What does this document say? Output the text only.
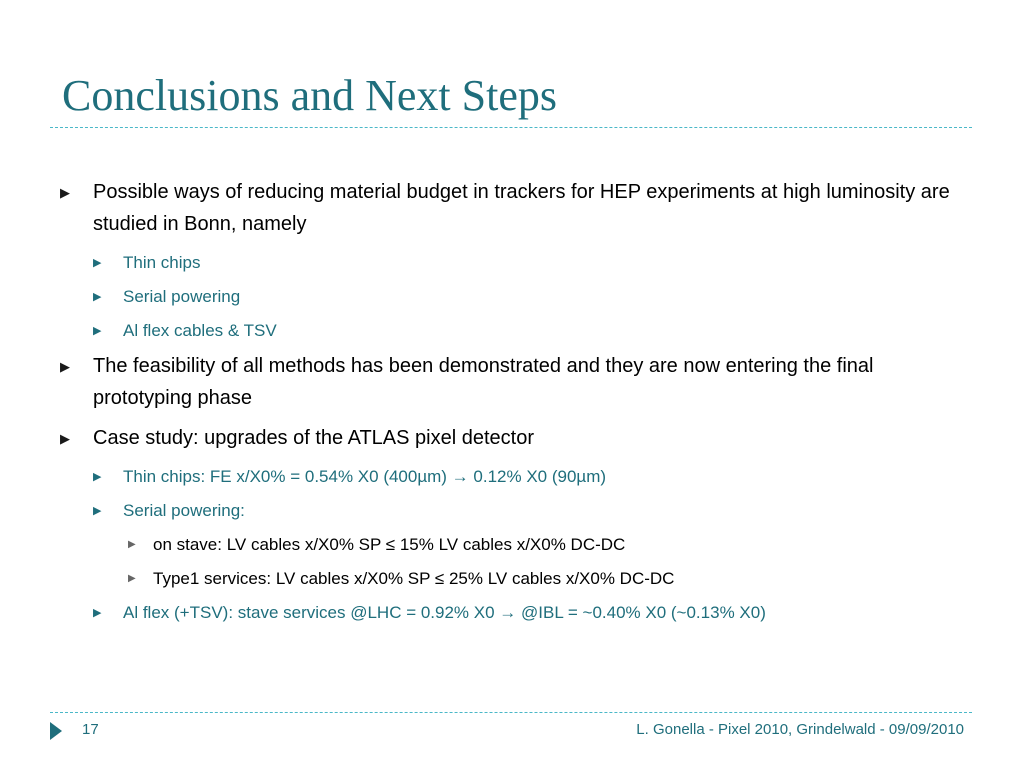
Conclusions and Next Steps
▶ Possible ways of reducing material budget in trackers for HEP experiments at high luminosity are studied in Bonn, namely
▶ Thin chips
▶ Serial powering
▶ Al flex cables & TSV
▶ The feasibility of all methods has been demonstrated and they are now entering the final prototyping phase
▶ Case study: upgrades of the ATLAS pixel detector
▶ Thin chips: FE x/X0% = 0.54% X0 (400µm) → 0.12% X0 (90µm)
▶ Serial powering:
▶ on stave: LV cables x/X0% SP ≤ 15% LV cables x/X0% DC-DC
▶ Type1 services: LV cables x/X0% SP ≤ 25% LV cables x/X0% DC-DC
▶ Al flex (+TSV): stave services @LHC = 0.92% X0 → @IBL = ~0.40% X0 (~0.13% X0)
17	L. Gonella - Pixel 2010, Grindelwald - 09/09/2010
